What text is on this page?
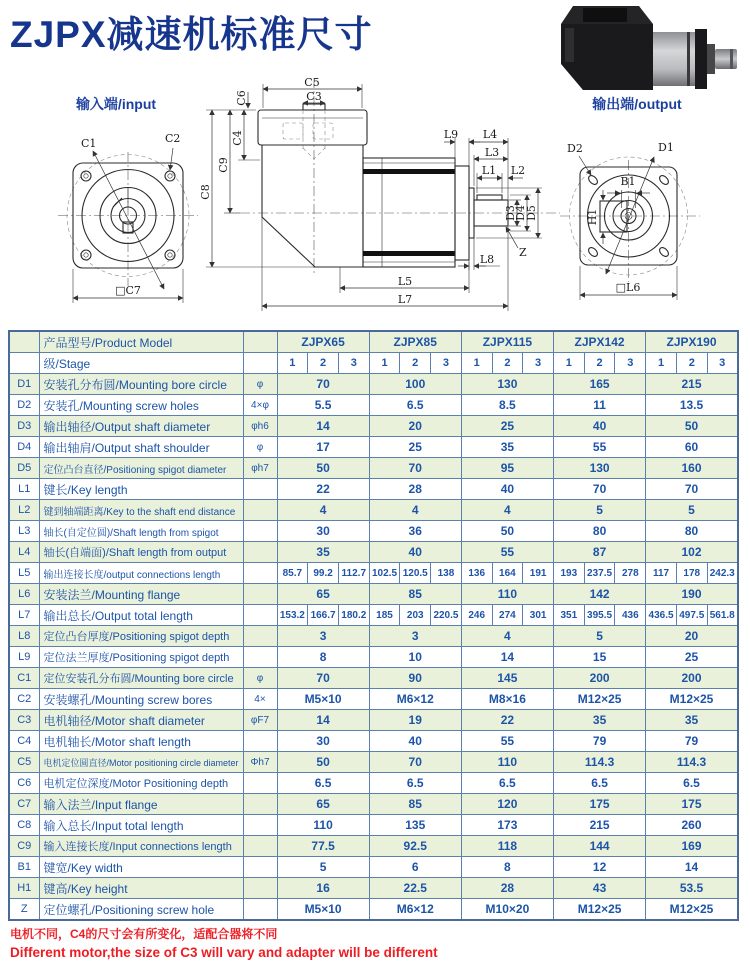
ZJPX减速机标准尺寸
输入端/input
C1	C2
□C7
C5
C3
C6
C4
C9
C8
L9 L4
L3
L1 L2
D3
D4
D5
Z
L8
L5
L7
输出端/output
D2	D1
B1
H1
□L6
	产品型号/Product Model		ZJPX65			ZJPX85			ZJPX115			ZJPX142			ZJPX190		
	级/Stage		1	2	3	1	2	3	1	2	3	1	2	3	1	2	3
D1	安装孔分布圆/Mounting bore circle	φ	70			100			130			165			215		
D2	安装孔/Mounting screw holes	4×φ	5.5			6.5			8.5			11			13.5		
D3	输出轴径/Output shaft diameter	φh6	14			20			25			40			50		
D4	输出轴肩/Output shaft shoulder	φ	17			25			35			55			60		
D5	定位凸台直径/Positioning spigot diameter	φh7	50			70			95			130			160		
L1	键长/Key length		22			28			40			70			70		
L2	键到轴端距离/Key to the shaft end distance		4			4			4			5			5		
L3	轴长(自定位圆)/Shaft length from spigot		30			36			50			80			80		
L4	轴长(自端面)/Shaft length from output		35			40			55			87			102		
L5	输出连接长度/output connections length		85.7	99.2	112.7	102.5	120.5	138	136	164	191	193	237.5	278	117	178	242.3
L6	安装法兰/Mounting flange		65			85			110			142			190		
L7	输出总长/Output total length		153.2	166.7	180.2	185	203	220.5	246	274	301	351	395.5	436	436.5	497.5	561.8
L8	定位凸台厚度/Positioning spigot depth		3			3			4			5			20		
L9	定位法兰厚度/Positioning spigot depth		8			10			14			15			25		
C1	定位安装孔分布圆/Mounting bore circle	φ	70			90			145			200			200		
C2	安装螺孔/Mounting screw bores	4×	M5×10			M6×12			M8×16			M12×25			M12×25		
C3	电机轴径/Motor shaft diameter	φF7	14			19			22			35			35		
C4	电机轴长/Motor shaft length		30			40			55			79			79		
C5	电机定位圆直径/Motor positioning circle diameter	Φh7	50			70			110			114.3			114.3		
C6	电机定位深度/Motor Positioning depth		6.5			6.5			6.5			6.5			6.5		
C7	输入法兰/Input flange		65			85			120			175			175		
C8	输入总长/Input total length		110			135			173			215			260		
C9	输入连接长度/Input connections length		77.5			92.5			118			144			169		
B1	键宽/Key width		5			6			8			12			14		
H1	键高/Key height		16			22.5			28			43			53.5		
Z	定位螺孔/Positioning screw hole		M5×10			M6×12			M10×20			M12×25			M12×25		

电机不同，C4的尺寸会有所变化，适配合器将不同

Different motor,the size of C3 will vary and adapter will be different
